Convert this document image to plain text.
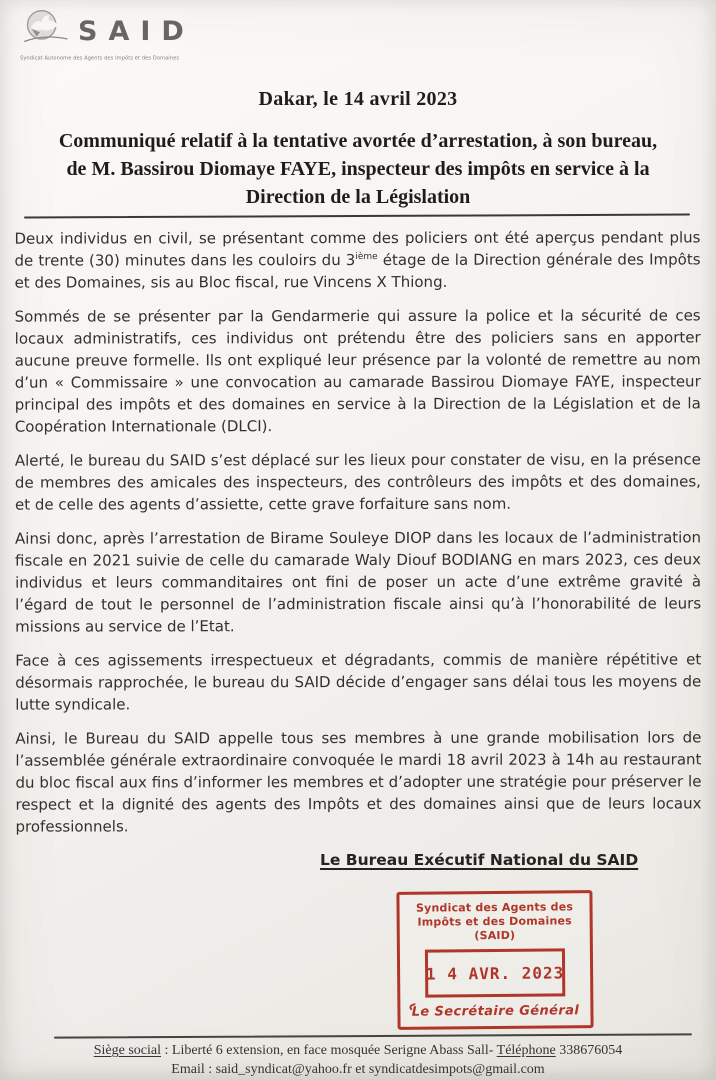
SAID
Syndicat Autonome des Agents des Impôts et des Domaines
Dakar, le 14 avril 2023
Communiqué relatif à la tentative avortée d’arrestation, à son bureau, de M. Bassirou Diomaye FAYE, inspecteur des impôts en service à la Direction de la Législation

Deux individus en civil, se présentant comme des policiers ont été aperçus pendant plus de trente (30) minutes dans les couloirs du 3ième étage de la Direction générale des Impôts et des Domaines, sis au Bloc fiscal, rue Vincens X Thiong.

Sommés de se présenter par la Gendarmerie qui assure la police et la sécurité de ces locaux administratifs, ces individus ont prétendu être des policiers sans en apporter aucune preuve formelle. Ils ont expliqué leur présence par la volonté de remettre au nom d’un « Commissaire » une convocation au camarade Bassirou Diomaye FAYE, inspecteur principal des impôts et des domaines en service à la Direction de la Législation et de la Coopération Internationale (DLCI).

Alerté, le bureau du SAID s’est déplacé sur les lieux pour constater de visu, en la présence de membres des amicales des inspecteurs, des contrôleurs des impôts et des domaines, et de celle des agents d’assiette, cette grave forfaiture sans nom.

Ainsi donc, après l’arrestation de Birame Souleye DIOP dans les locaux de l’administration fiscale en 2021 suivie de celle du camarade Waly Diouf BODIANG en mars 2023, ces deux individus et leurs commanditaires ont fini de poser un acte d’une extrême gravité à l’égard de tout le personnel de l’administration fiscale ainsi qu’à l’honorabilité de leurs missions au service de l’Etat.

Face à ces agissements irrespectueux et dégradants, commis de manière répétitive et désormais rapprochée, le bureau du SAID décide d’engager sans délai tous les moyens de lutte syndicale.

Ainsi, le Bureau du SAID appelle tous ses membres à une grande mobilisation lors de l’assemblée générale extraordinaire convoquée le mardi 18 avril 2023 à 14h au restaurant du bloc fiscal aux fins d’informer les membres et d’adopter une stratégie pour préserver le respect et la dignité des agents des Impôts et des domaines ainsi que de leurs locaux professionnels.

Le Bureau Exécutif National du SAID
Syndicat des Agents des
Impôts et des Domaines (SAID)
1 4 AVR. 2023
Le Secrétaire Général
Siège social : Liberté 6 extension, en face mosquée Serigne Abass Sall- Téléphone 338676054
Email : said_syndicat@yahoo.fr et syndicatdesimpots@gmail.com
